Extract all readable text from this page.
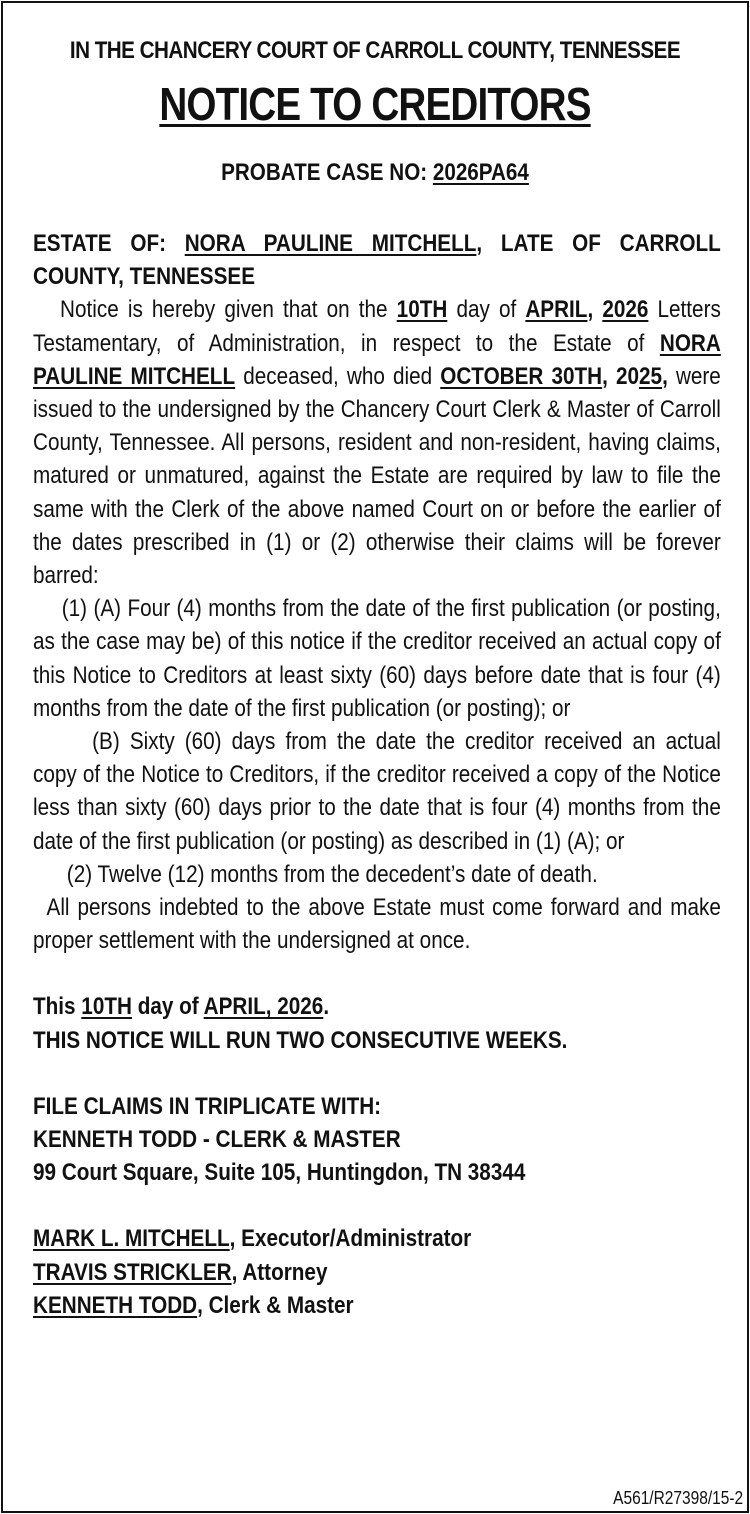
IN THE CHANCERY COURT OF CARROLL COUNTY, TENNESSEE
NOTICE TO CREDITORS
PROBATE CASE NO: 2026PA64

ESTATE OF: NORA PAULINE MITCHELL, LATE OF CARROLL COUNTY, TENNESSEE

Notice is hereby given that on the 10TH day of APRIL, 2026 Letters Testamentary, of Administration, in respect to the Estate of NORA PAULINE MITCHELL deceased, who died OCTOBER 30TH, 2025, were issued to the undersigned by the Chancery Court Clerk & Master of Carroll County, Tennessee. All persons, resident and non-resident, having claims, matured or unmatured, against the Estate are required by law to file the same with the Clerk of the above named Court on or before the earlier of the dates prescribed in (1) or (2) otherwise their claims will be forever barred:

(1) (A) Four (4) months from the date of the first publication (or posting, as the case may be) of this notice if the creditor received an actual copy of this Notice to Creditors at least sixty (60) days before date that is four (4) months from the date of the first publication (or posting); or

(B) Sixty (60) days from the date the creditor received an actual copy of the Notice to Creditors, if the creditor received a copy of the Notice less than sixty (60) days prior to the date that is four (4) months from the date of the first publication (or posting) as described in (1) (A); or

(2) Twelve (12) months from the decedent’s date of death.

All persons indebted to the above Estate must come forward and make proper settlement with the undersigned at once.

This 10TH day of APRIL, 2026.

THIS NOTICE WILL RUN TWO CONSECUTIVE WEEKS.

FILE CLAIMS IN TRIPLICATE WITH:

KENNETH TODD - CLERK & MASTER

99 Court Square, Suite 105, Huntingdon, TN 38344

MARK L. MITCHELL, Executor/Administrator

TRAVIS STRICKLER, Attorney

KENNETH TODD, Clerk & Master

A561/R27398/15-2
